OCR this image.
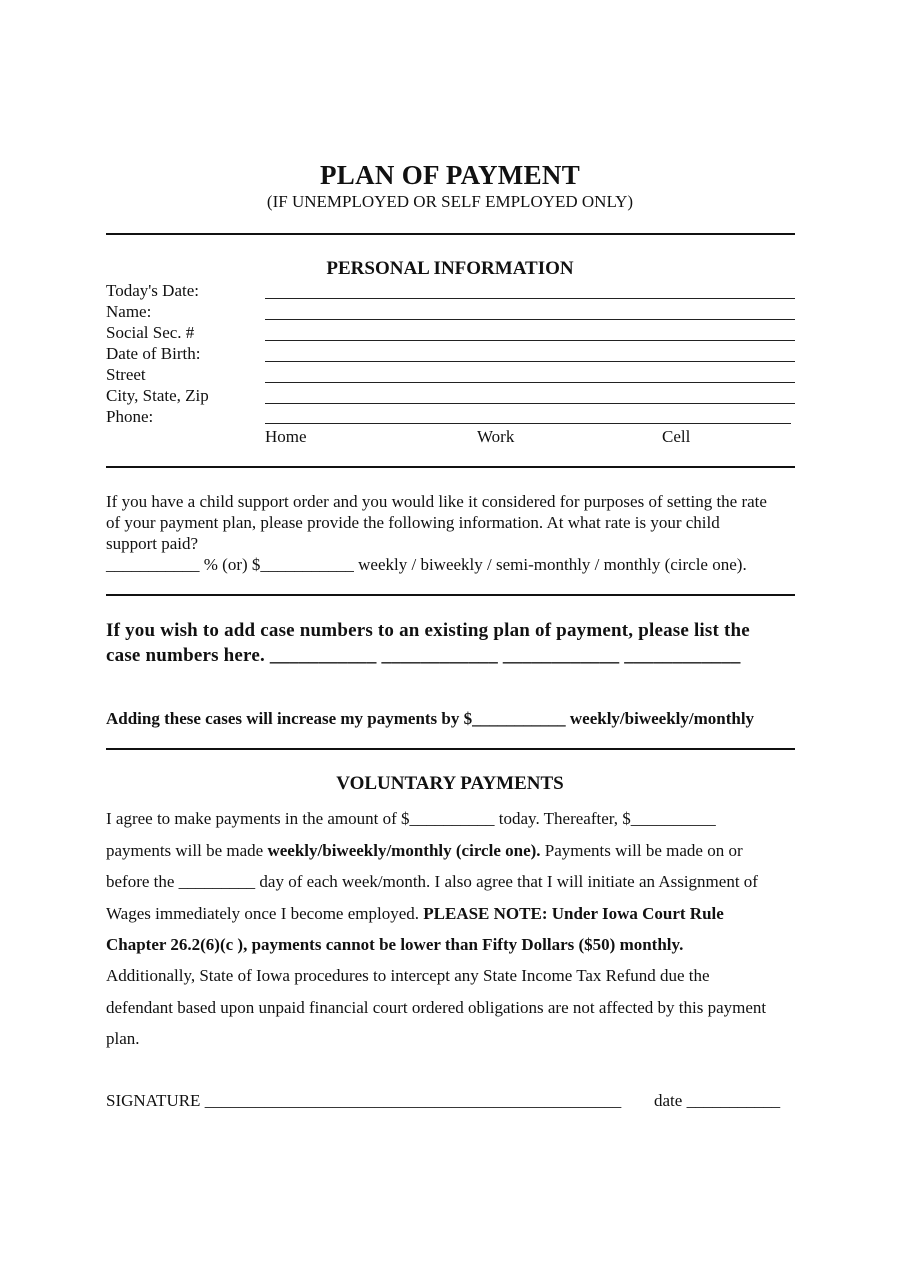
PLAN OF PAYMENT
(IF UNEMPLOYED OR SELF EMPLOYED ONLY)
PERSONAL INFORMATION
Today's Date:
Name:
Social Sec. #
Date of Birth:
Street
City, State, Zip
Phone:
Home	Work	Cell
If you have a child support order and you would like it considered for purposes of setting the rate
of your payment plan, please provide the following information. At what rate is your child
support paid?
___________ % (or) $___________ weekly / biweekly / semi-monthly / monthly (circle one).
If you wish to add case numbers to an existing plan of payment, please list the
case numbers here. ___________ ____________ ____________ ____________
Adding these cases will increase my payments by $___________ weekly/biweekly/monthly
VOLUNTARY PAYMENTS
I agree to make payments in the amount of $__________ today. Thereafter, $__________
payments will be made weekly/biweekly/monthly (circle one). Payments will be made on or
before the _________ day of each week/month. I also agree that I will initiate an Assignment of
Wages immediately once I become employed. PLEASE NOTE: Under Iowa Court Rule
Chapter 26.2(6)(c ), payments cannot be lower than Fifty Dollars ($50) monthly.
Additionally, State of Iowa procedures to intercept any State Income Tax Refund due the
defendant based upon unpaid financial court ordered obligations are not affected by this payment
plan.
SIGNATURE _________________________________________________ date ___________
